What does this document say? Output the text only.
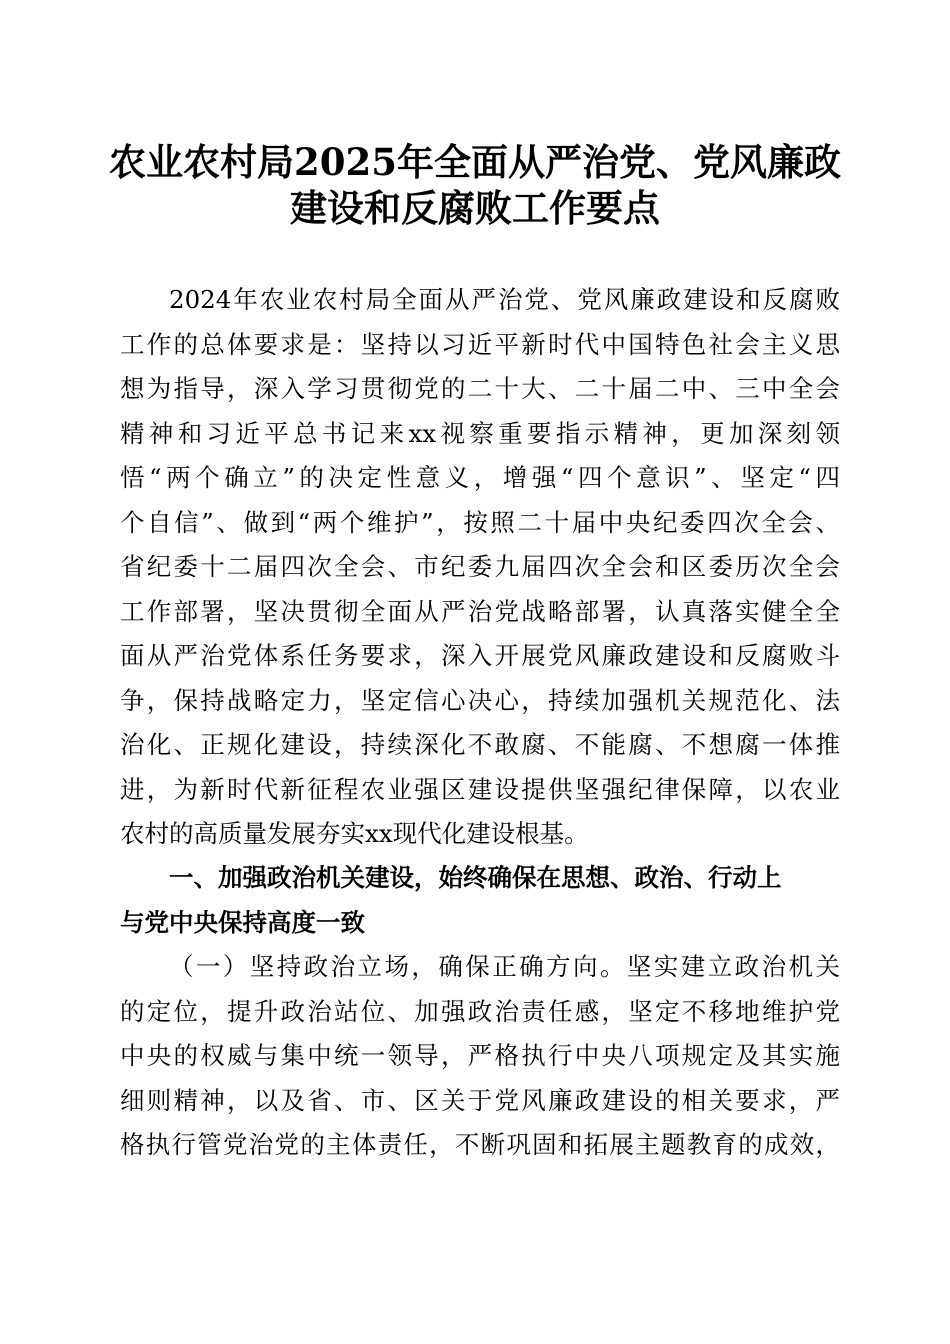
农业农村局2025年全面从严治党、党风廉政
建设和反腐败工作要点
2024年农业农村局全面从严治党、党风廉政建设和反腐败
工作的总体要求是：坚持以习近平新时代中国特色社会主义思
想为指导，深入学习贯彻党的二十大、二十届二中、三中全会
精神和习近平总书记来xx视察重要指示精神，更加深刻领
悟“两个确立”的决定性意义，增强“四个意识”、坚定“四
个自信”、做到“两个维护”，按照二十届中央纪委四次全会、
省纪委十二届四次全会、市纪委九届四次全会和区委历次全会
工作部署，坚决贯彻全面从严治党战略部署，认真落实健全全
面从严治党体系任务要求，深入开展党风廉政建设和反腐败斗
争，保持战略定力，坚定信心决心，持续加强机关规范化、法
治化、正规化建设，持续深化不敢腐、不能腐、不想腐一体推
进，为新时代新征程农业强区建设提供坚强纪律保障，以农业
农村的高质量发展夯实xx现代化建设根基。
一、加强政治机关建设，始终确保在思想、政治、行动上
与党中央保持高度一致
（一）坚持政治立场，确保正确方向。坚实建立政治机关
的定位，提升政治站位、加强政治责任感，坚定不移地维护党
中央的权威与集中统一领导，严格执行中央八项规定及其实施
细则精神，以及省、市、区关于党风廉政建设的相关要求，严
格执行管党治党的主体责任，不断巩固和拓展主题教育的成效，
